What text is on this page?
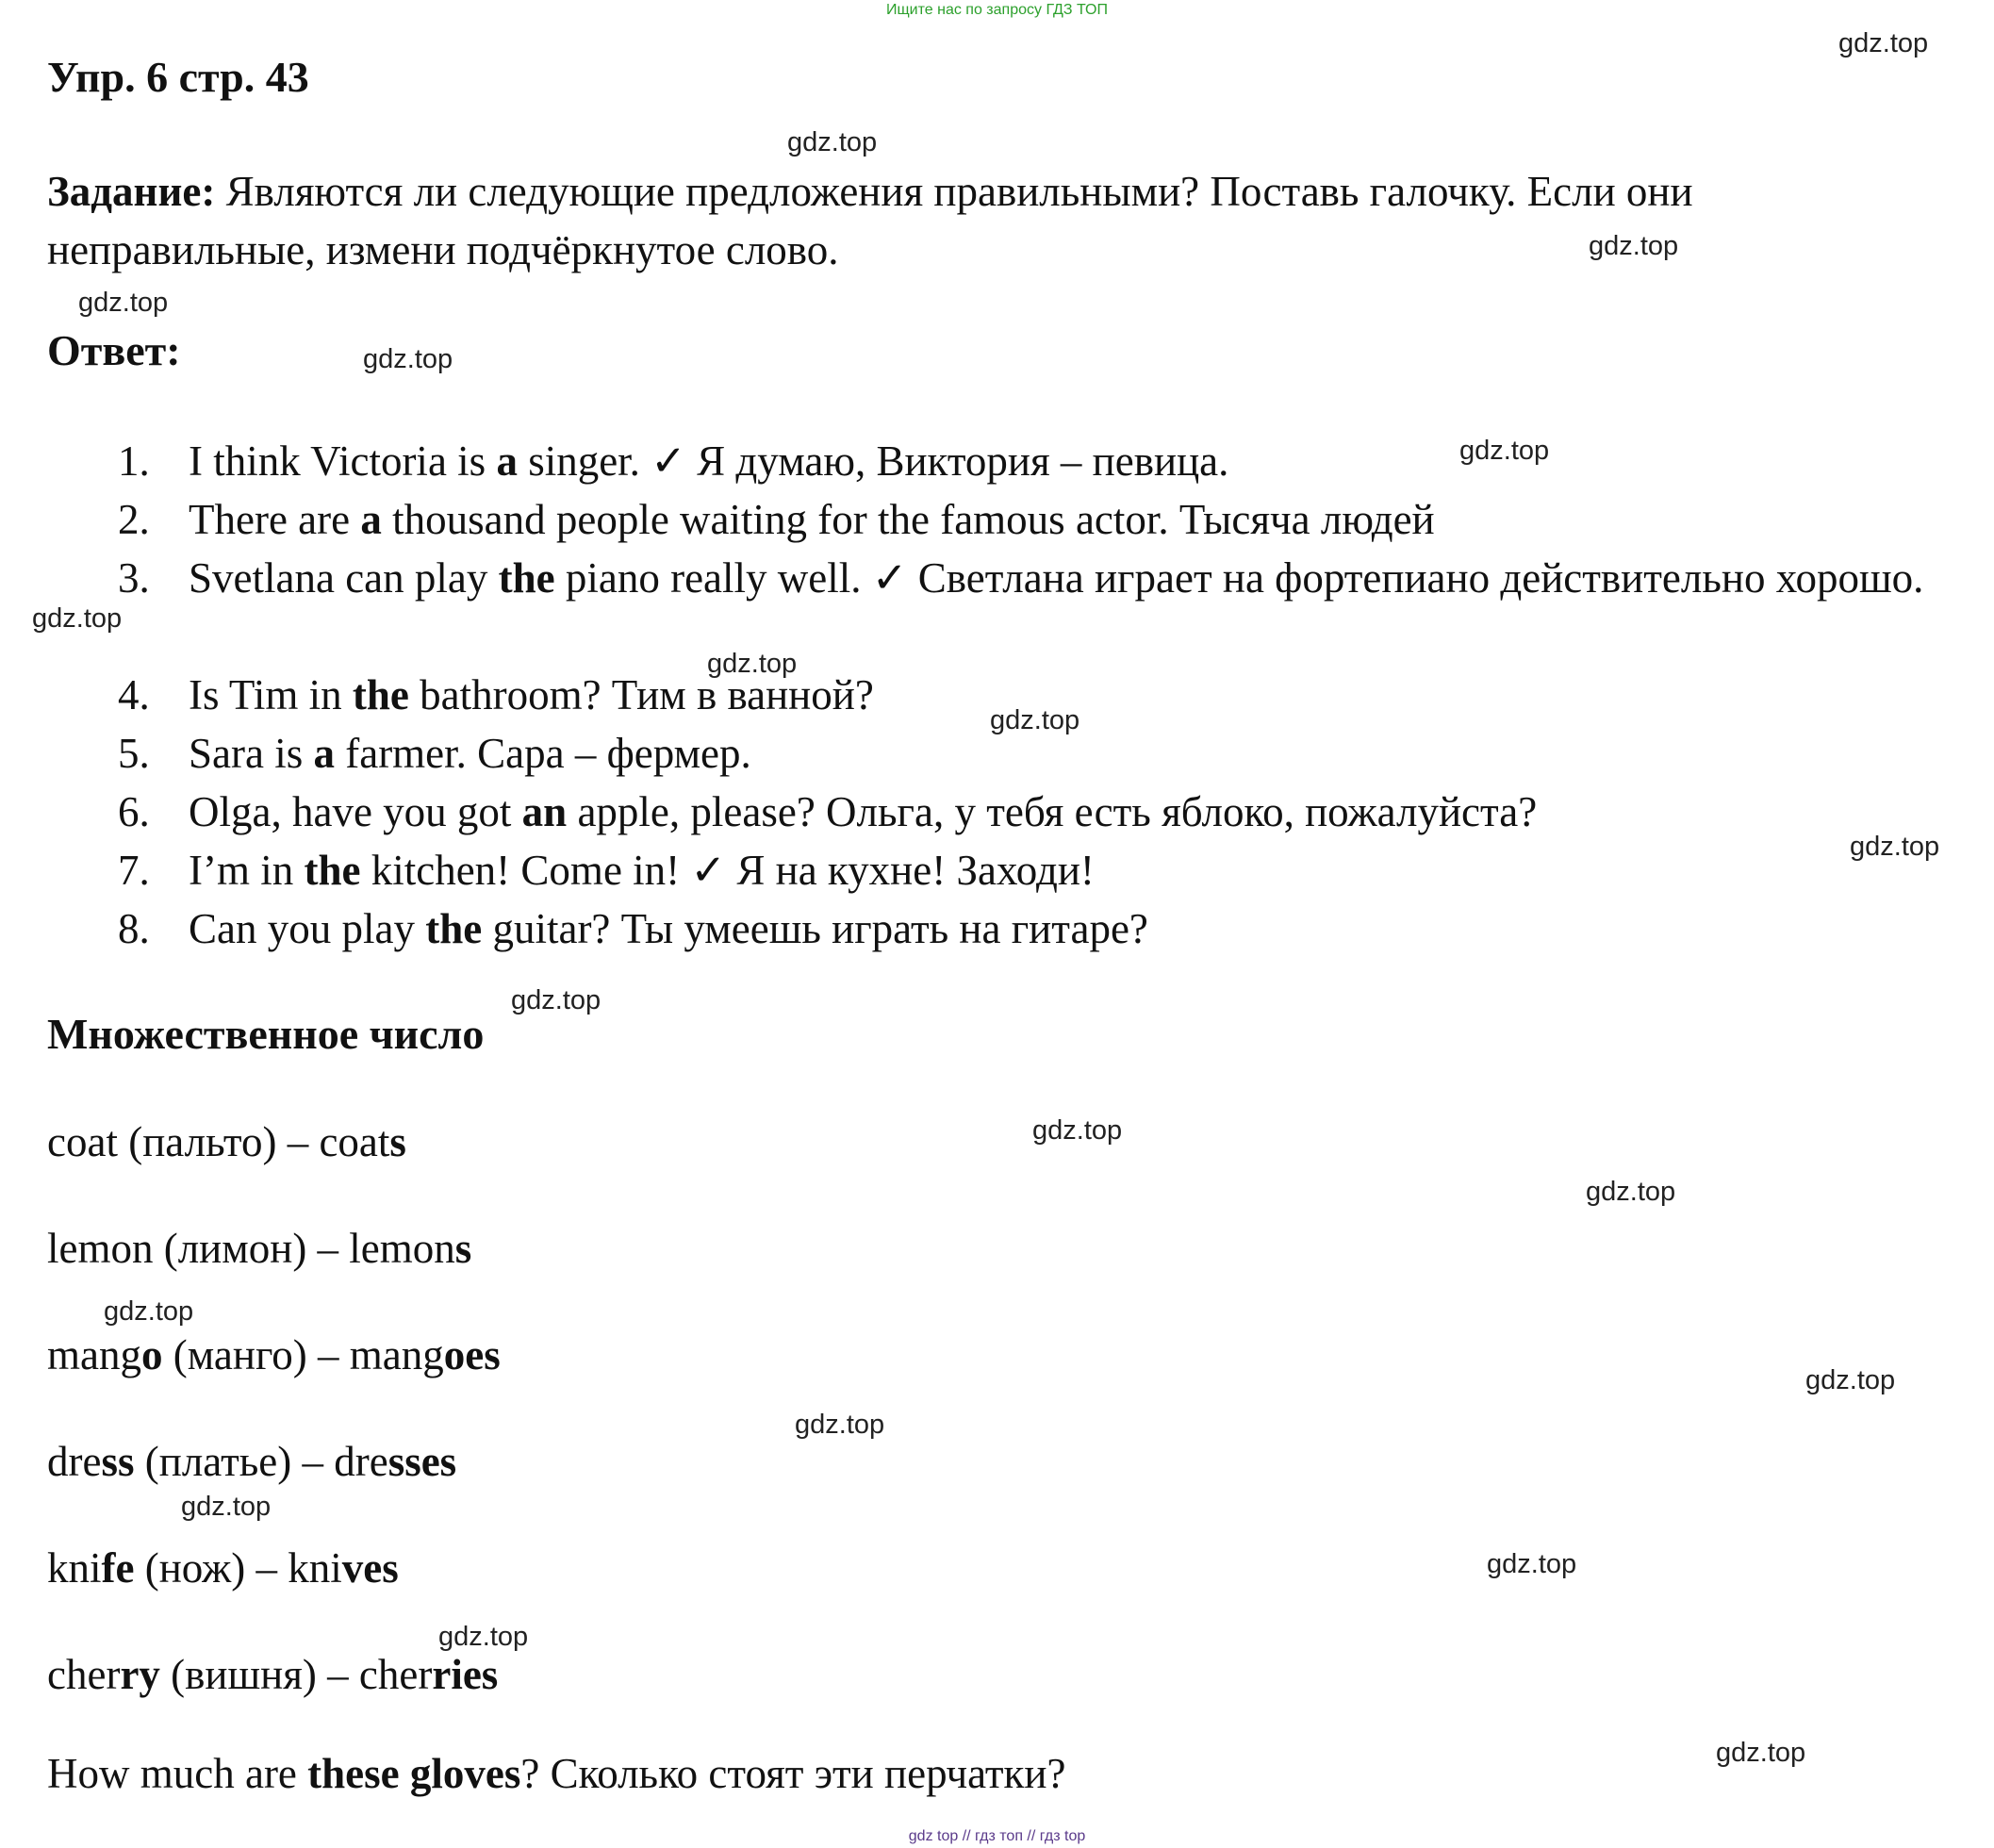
Ищите нас по запросу ГДЗ ТОП
Упр. 6 стр. 43
Задание: Являются ли следующие предложения правильными? Поставь галочку. Если они неправильные, измени подчёркнутое слово.
Ответ:
1. I think Victoria is a singer. ✓ Я думаю, Виктория – певица.
2. There are a thousand people waiting for the famous actor. Тысяча людей
3. Svetlana can play the piano really well. ✓ Светлана играет на фортепиано действительно хорошо.
4. Is Tim in the bathroom? Тим в ванной?
5. Sara is a farmer. Сара – фермер.
6. Olga, have you got an apple, please? Ольга, у тебя есть яблоко, пожалуйста?
7. I’m in the kitchen! Come in! ✓ Я на кухне! Заходи!
8. Can you play the guitar? Ты умеешь играть на гитаре?
Множественное число
coat (пальто) – coats
lemon (лимон) – lemons
mango (манго) – mangoes
dress (платье) – dresses
knife (нож) – knives
cherry (вишня) – cherries
How much are these gloves? Сколько стоят эти перчатки?
gdz.top
gdz.top
gdz.top
gdz.top
gdz.top
gdz.top
gdz.top
gdz.top
gdz.top
gdz.top
gdz.top
gdz.top
gdz.top
gdz.top
gdz.top
gdz.top
gdz.top
gdz.top
gdz.top
gdz.top
gdz top // гдз топ // гдз top
